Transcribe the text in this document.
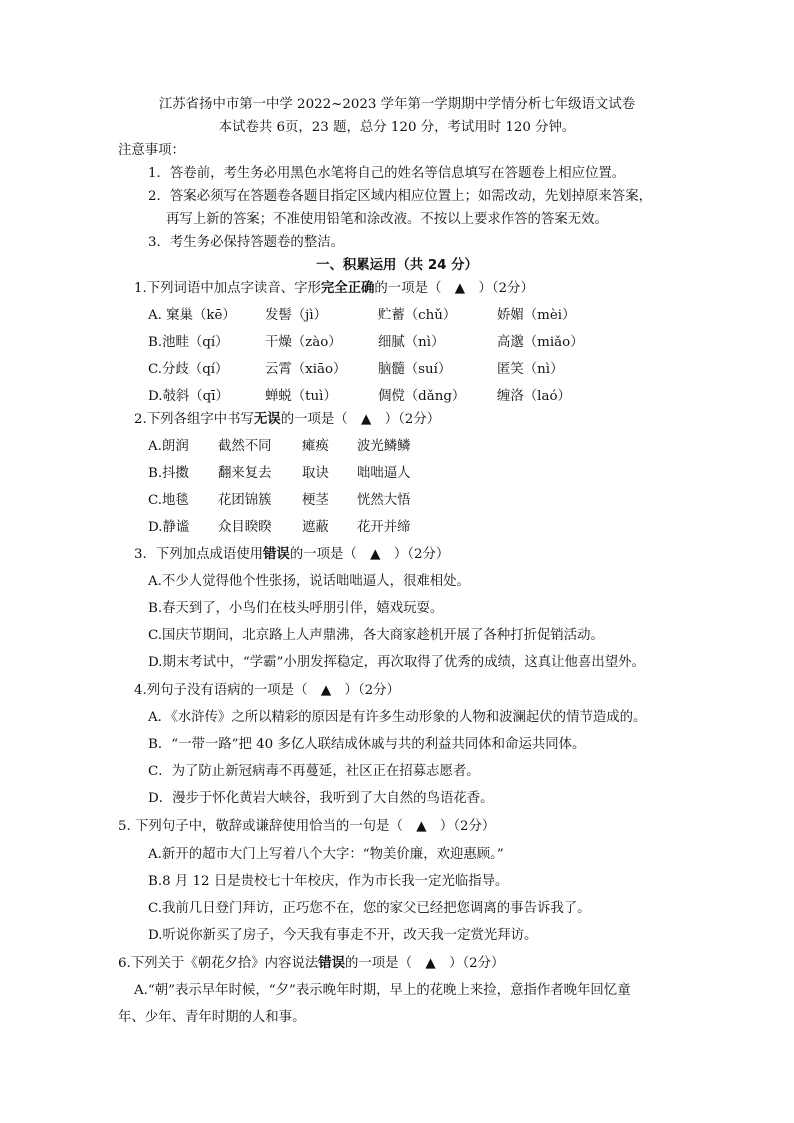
江苏省扬中市第一中学 2022~2023 学年第一学期期中学情分析七年级语文试卷
本试卷共 6页，23 题，总分 120 分，考试用时 120 分钟。
注意事项：
1．答卷前，考生务必用黑色水笔将自己的姓名等信息填写在答题卷上相应位置。
2．答案必须写在答题卷各题目指定区域内相应位置上；如需改动，先划掉原来答案，
再写上新的答案；不准使用铅笔和涂改液。不按以上要求作答的答案无效。
3．考生务必保持答题卷的整洁。
一、积累运用（共 24 分）
1.下列词语中加点字读音、字形完全正确的一项是（　▲　）（2分）
A. 窠巢（kē） 发髻（jì）	贮蓄（chǔ）	娇媚（mèi）
B.池畦（qí）	干燥（zào）	细腻（nì）	高邈（miǎo）
C.分歧（qí）	云霄（xiāo） 脑髓（suí）	匿笑（nì）
D.攲斜（qī）	蝉蜕（tuì）	倜傥（dǎng） 缠洛（laó）
2.下列各组字中书写无误的一项是（　▲　）（2分）
A.朗润 截然不同 瘫痪 波光鳞鳞
B.抖擞 翻来复去 取诀 咄咄逼人
C.地毯 花团锦簇 梗茎 恍然大悟
D.静谧 众目睽睽 遮蔽 花开并缔
3．下列加点成语使用错误的一项是（　▲　）（2分）
A.不少人觉得他个性张扬，说话咄咄逼人，很难相处。
B.春天到了，小鸟们在枝头呼朋引伴，嬉戏玩耍。
C.国庆节期间，北京路上人声鼎沸，各大商家趁机开展了各种打折促销活动。
D.期末考试中，“学霸”小朋发挥稳定，再次取得了优秀的成绩，这真让他喜出望外。
4.列句子没有语病的一项是（　▲　）（2分）
A．《水浒传》之所以精彩的原因是有许多生动形象的人物和波澜起伏的情节造成的。
B．“一带一路”把 40 多亿人联结成休戚与共的利益共同体和命运共同体。
C．为了防止新冠病毒不再蔓延，社区正在招募志愿者。
D．漫步于怀化黄岩大峡谷，我听到了大自然的鸟语花香。
5. 下列句子中，敬辞或谦辞使用恰当的一句是（　▲　）（2分）
A.新开的超市大门上写着八个大字：“物美价廉，欢迎惠顾。”
B.8 月 12 日是贵校七十年校庆，作为市长我一定光临指导。
C.我前几日登门拜访，正巧您不在，您的家父已经把您调离的事告诉我了。
D.听说你新买了房子，今天我有事走不开，改天我一定赏光拜访。
6.下列关于《朝花夕拾》内容说法错误的一项是（　▲　）（2分）
A.“朝”表示早年时候，“夕”表示晚年时期，早上的花晚上来捡，意指作者晚年回忆童
年、少年、青年时期的人和事。
